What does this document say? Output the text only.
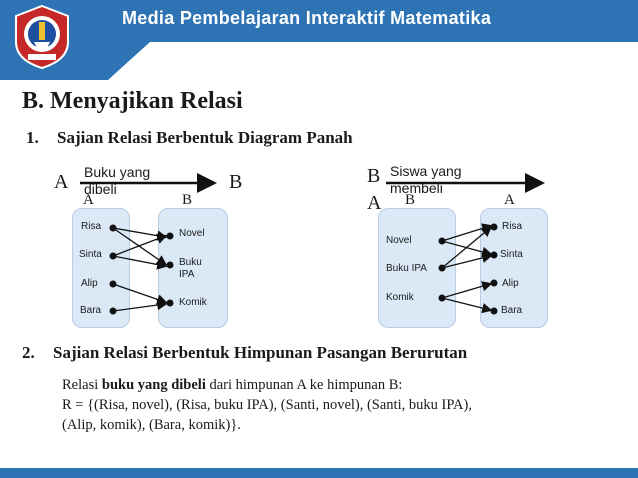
Media Pembelajaran Interaktif Matematika
B. Menyajikan Relasi
1. Sajian Relasi Berbentuk Diagram Panah
A	B
Buku yang
dibeli
A	B
Risa
Sinta
Alip
Bara
Novel
Buku
IPA
Komik
B
A
Siswa yang
membeli
B	A
Novel
Buku IPA
Komik
Risa
Sinta
Alip
Bara
2. Sajian Relasi Berbentuk Himpunan Pasangan Berurutan
Relasi buku yang dibeli dari himpunan A ke himpunan B:
R = {(Risa, novel), (Risa, buku IPA), (Santi, novel), (Santi, buku IPA),
(Alip, komik), (Bara, komik)}.
